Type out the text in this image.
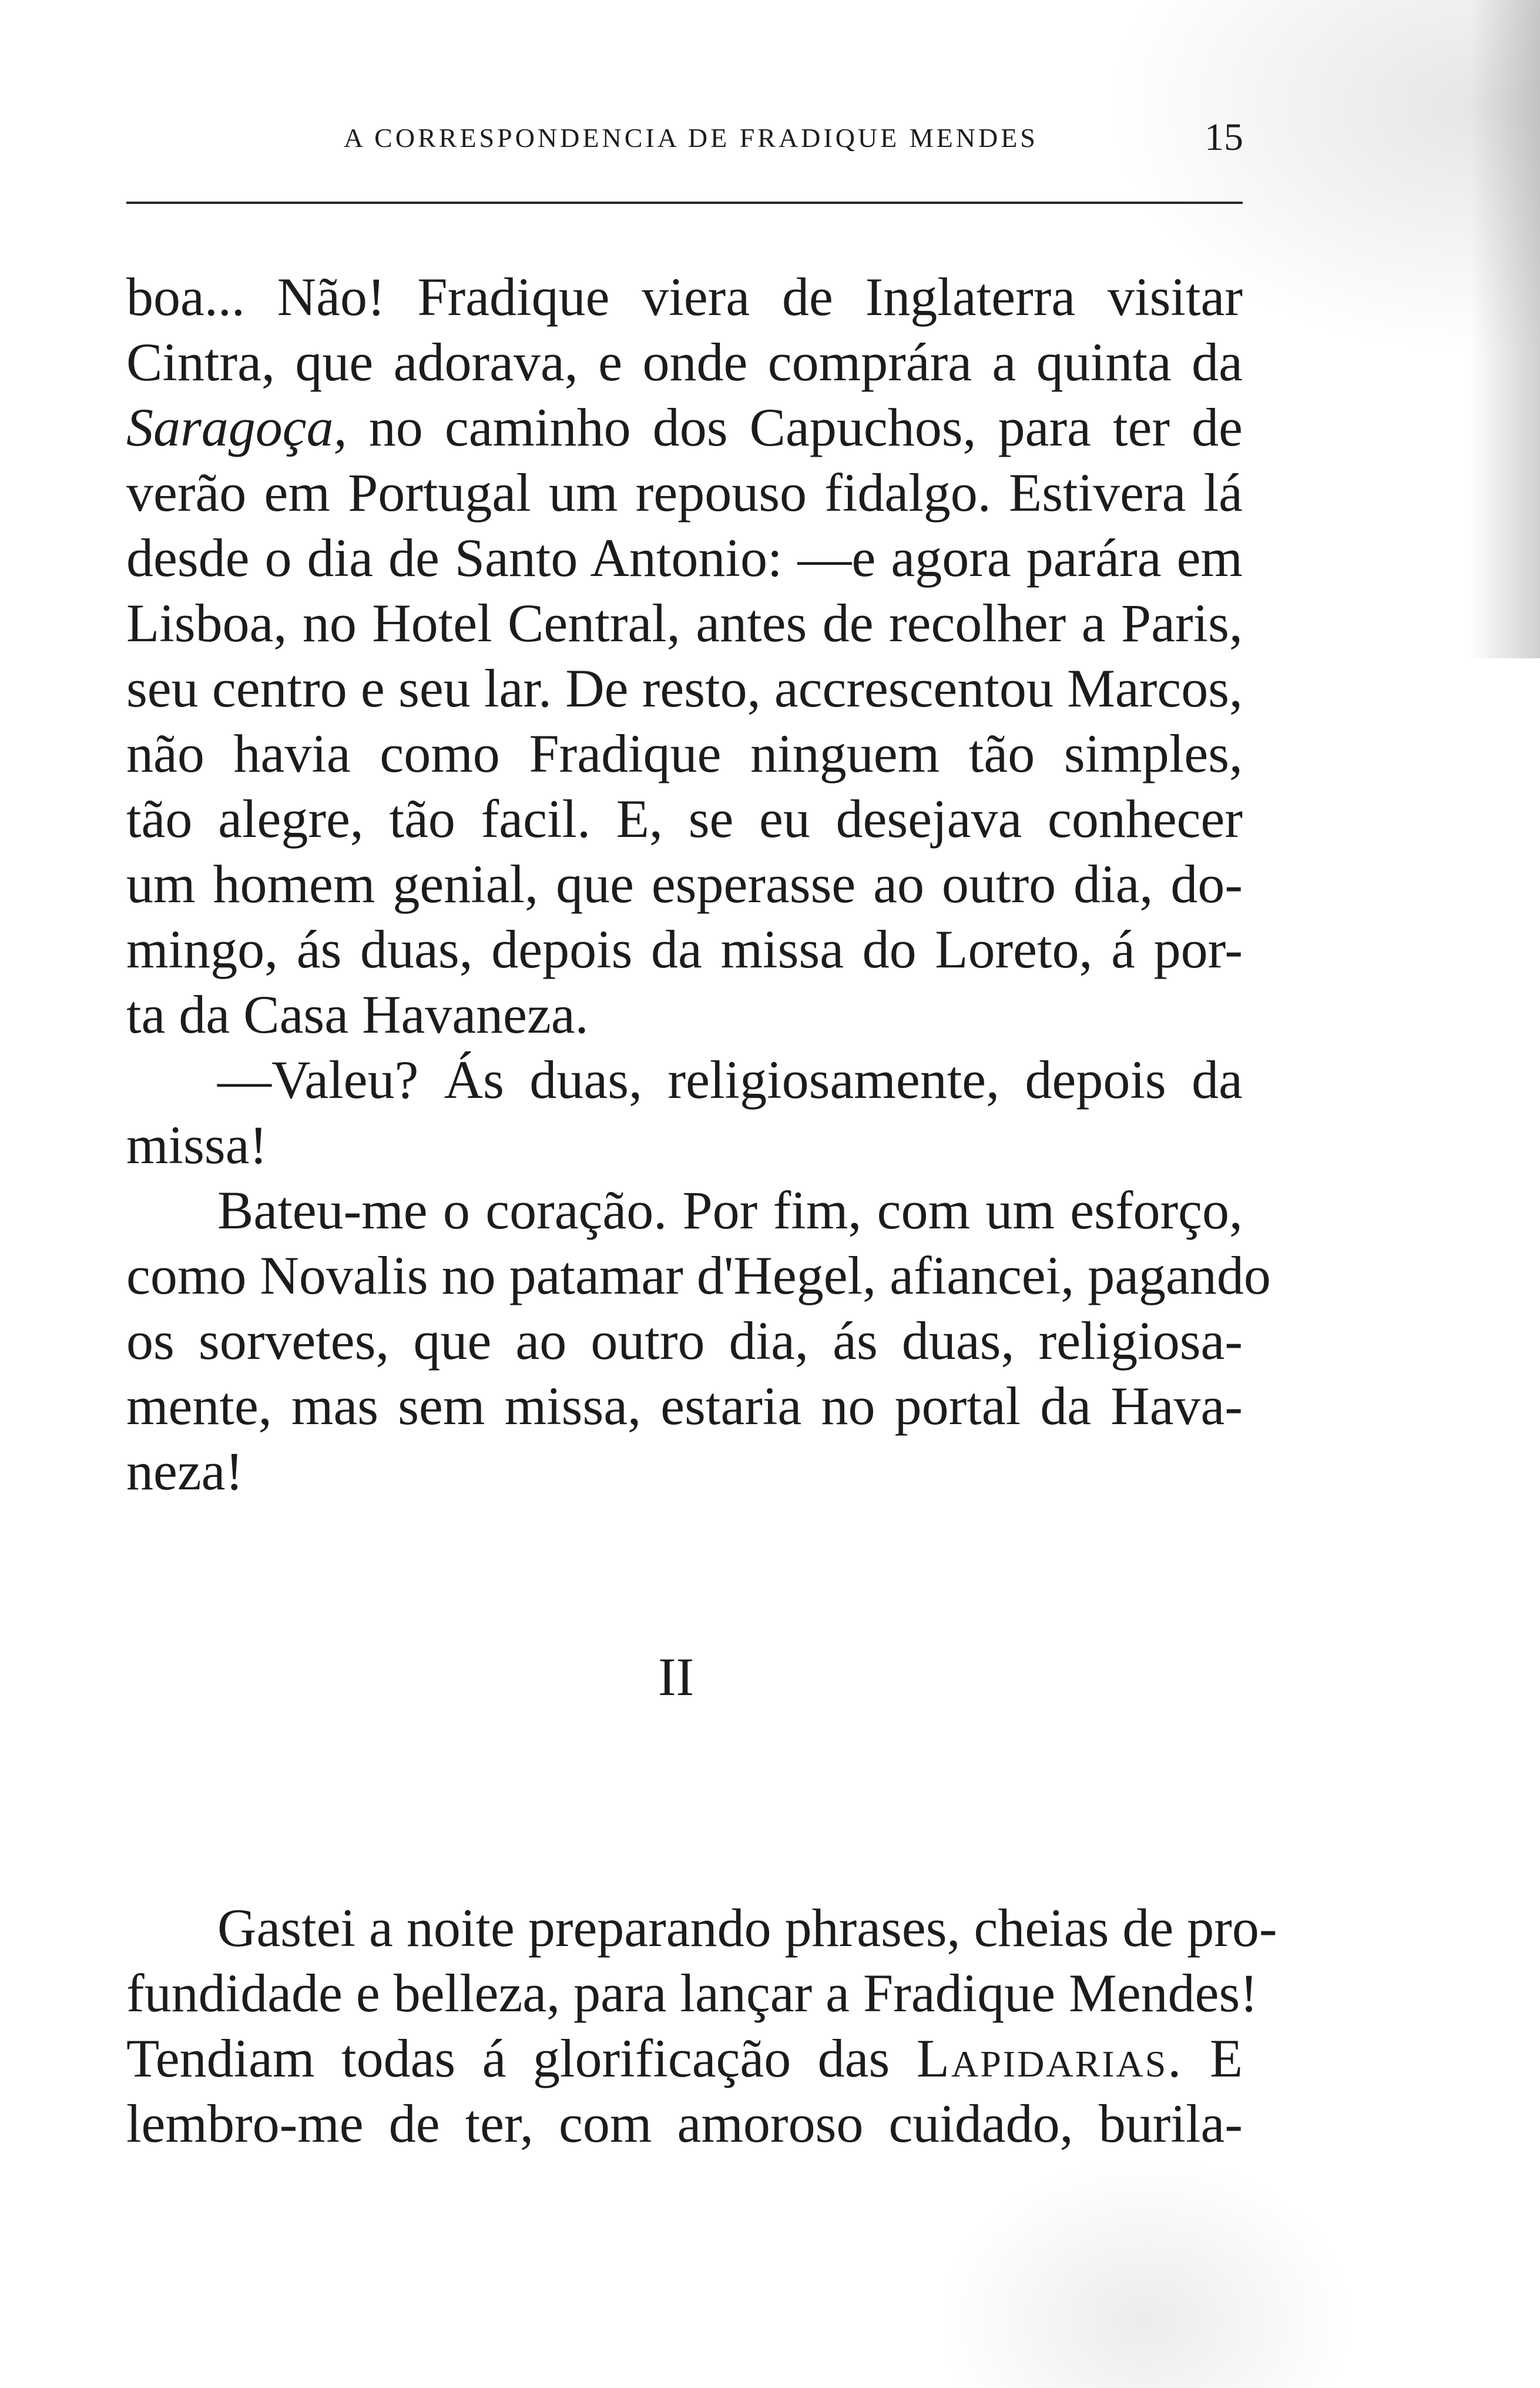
A CORRESPONDENCIA DE FRADIQUE MENDES	15
boa... Não! Fradique viera de Inglaterra visitar
Cintra, que adorava, e onde comprára a quinta da
Saragoça, no caminho dos Capuchos, para ter de
verão em Portugal um repouso fidalgo. Estivera lá
desde o dia de Santo Antonio: —e agora parára em
Lisboa, no Hotel Central, antes de recolher a Paris,
seu centro e seu lar. De resto, accrescentou Marcos,
não havia como Fradique ninguem tão simples,
tão alegre, tão facil. E, se eu desejava conhecer
um homem genial, que esperasse ao outro dia, do-
mingo, ás duas, depois da missa do Loreto, á por-
ta da Casa Havaneza.
—Valeu? Ás duas, religiosamente, depois da
missa!
Bateu-me o coração. Por fim, com um esforço,
como Novalis no patamar d'Hegel, afiancei, pagando
os sorvetes, que ao outro dia, ás duas, religiosa-
mente, mas sem missa, estaria no portal da Hava-
neza!
II
Gastei a noite preparando phrases, cheias de pro-
fundidade e belleza, para lançar a Fradique Mendes!
Tendiam todas á glorificação das Lapidarias. E
lembro-me de ter, com amoroso cuidado, burila-
